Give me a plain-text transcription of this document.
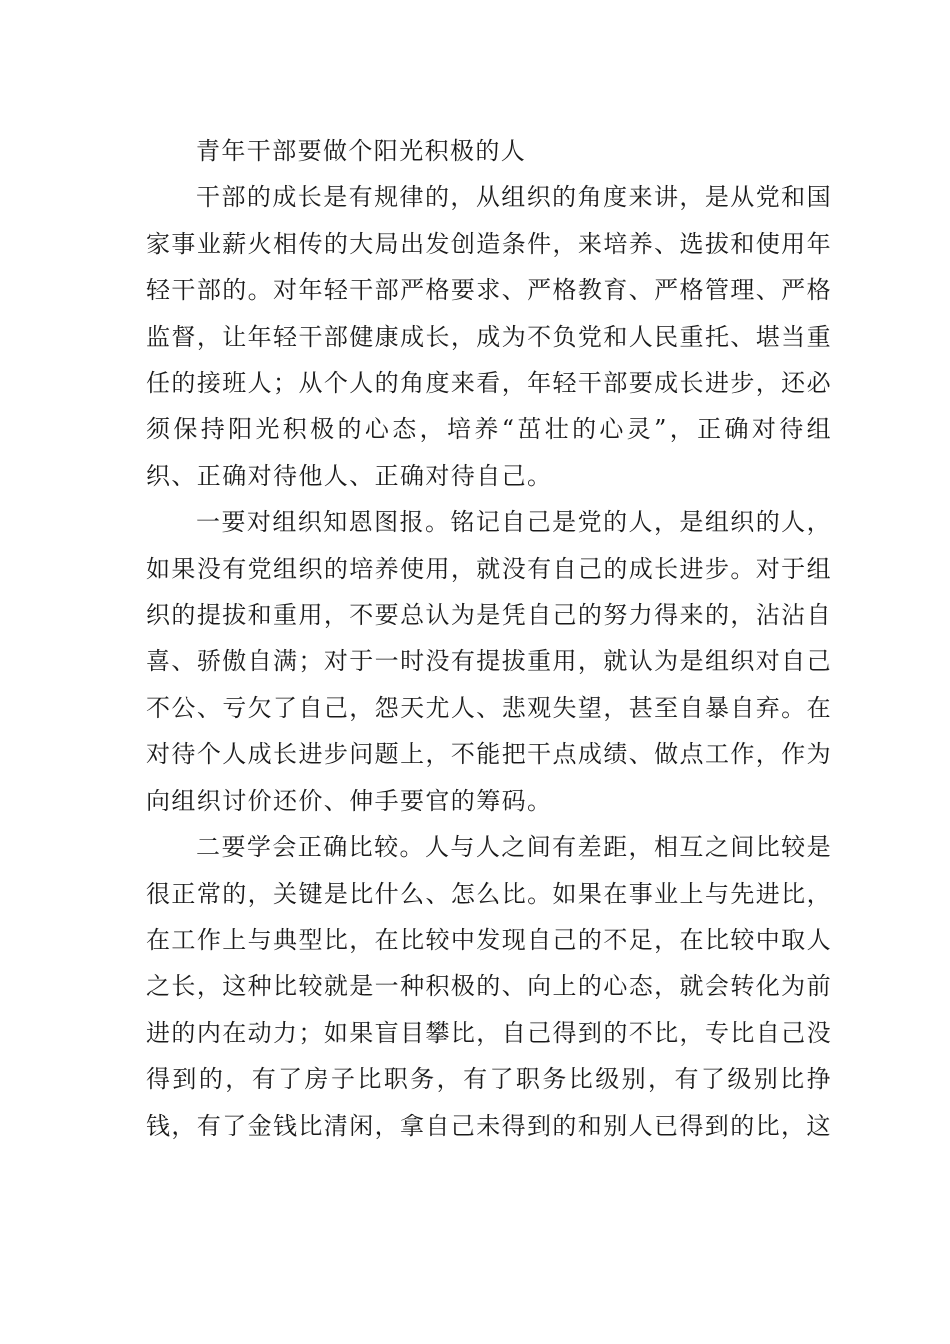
青年干部要做个阳光积极的人

干部的成长是有规律的，从组织的角度来讲，是从党和国家事业薪火相传的大局出发创造条件，来培养、选拔和使用年轻干部的。对年轻干部严格要求、严格教育、严格管理、严格监督，让年轻干部健康成长，成为不负党和人民重托、堪当重任的接班人；从个人的角度来看，年轻干部要成长进步，还必须保持阳光积极的心态，培养“茁壮的心灵”，正确对待组织、正确对待他人、正确对待自己。

一要对组织知恩图报。铭记自己是党的人，是组织的人，如果没有党组织的培养使用，就没有自己的成长进步。对于组织的提拔和重用，不要总认为是凭自己的努力得来的，沾沾自喜、骄傲自满；对于一时没有提拔重用，就认为是组织对自己不公、亏欠了自己，怨天尤人、悲观失望，甚至自暴自弃。在对待个人成长进步问题上，不能把干点成绩、做点工作，作为向组织讨价还价、伸手要官的筹码。

二要学会正确比较。人与人之间有差距，相互之间比较是很正常的，关键是比什么、怎么比。如果在事业上与先进比，在工作上与典型比，在比较中发现自己的不足，在比较中取人之长，这种比较就是一种积极的、向上的心态，就会转化为前进的内在动力；如果盲目攀比，自己得到的不比，专比自己没得到的，有了房子比职务，有了职务比级别，有了级别比挣钱，有了金钱比清闲，拿自己未得到的和别人已得到的比，这
